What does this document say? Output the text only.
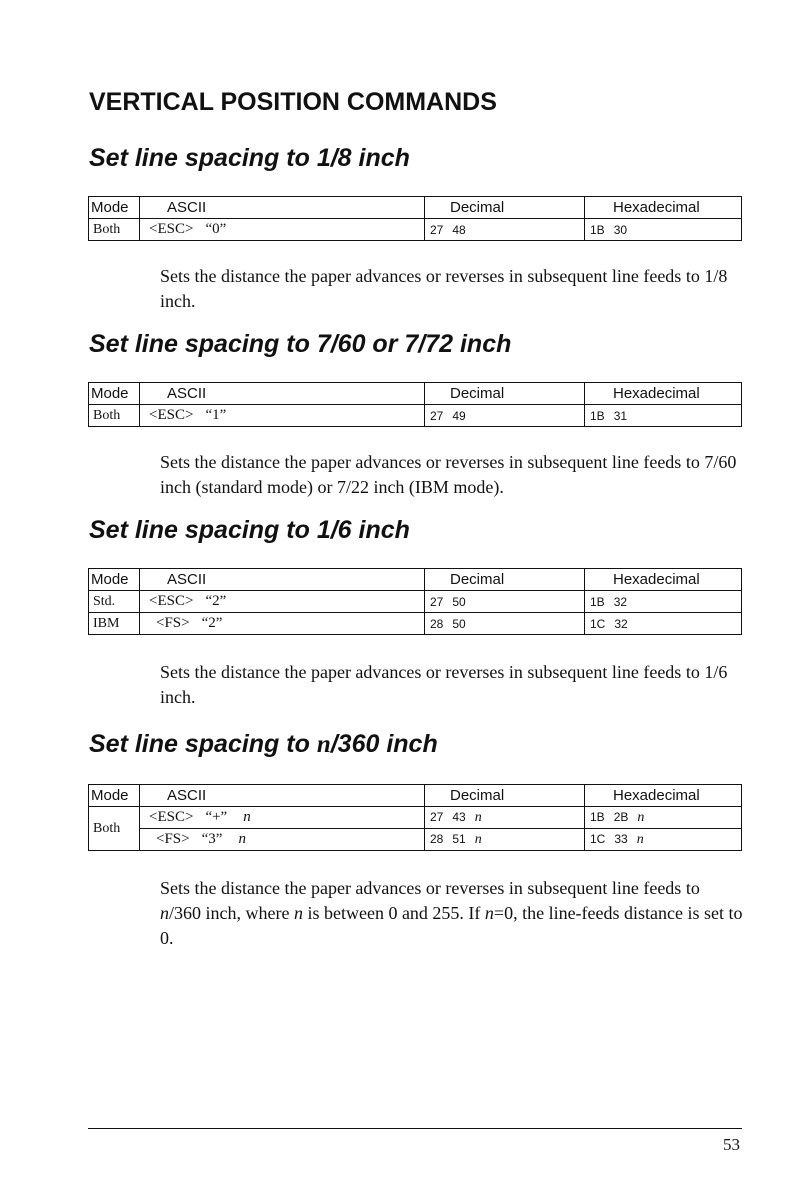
VERTICAL POSITION COMMANDS
Set line spacing to 1/8 inch
Mode	ASCII	Decimal	Hexadecimal
Both	<ESC> “0”	27 48	1B 30

Sets the distance the paper advances or reverses in subsequent line feeds to 1/8 inch.

Set line spacing to 7/60 or 7/72 inch
Mode	ASCII	Decimal	Hexadecimal
Both	<ESC> “1”	27 49	1B 31

Sets the distance the paper advances or reverses in subsequent line feeds to 7/60 inch (standard mode) or 7/22 inch (IBM mode).

Set line spacing to 1/6 inch
Mode	ASCII	Decimal	Hexadecimal
Std.	<ESC> “2”	27 50	1B 32
IBM	<FS> “2”	28 50	1C 32

Sets the distance the paper advances or reverses in subsequent line feeds to 1/6 inch.

Set line spacing to n/360 inch
Mode	ASCII	Decimal	Hexadecimal
Both	<ESC> “+” n	27 43 n	1B 2B n
	<FS> “3” n	28 51 n	1C 33 n

Sets the distance the paper advances or reverses in subsequent line feeds to n/360 inch, where n is between 0 and 255. If n=0, the line-feeds distance is set to 0.

53
